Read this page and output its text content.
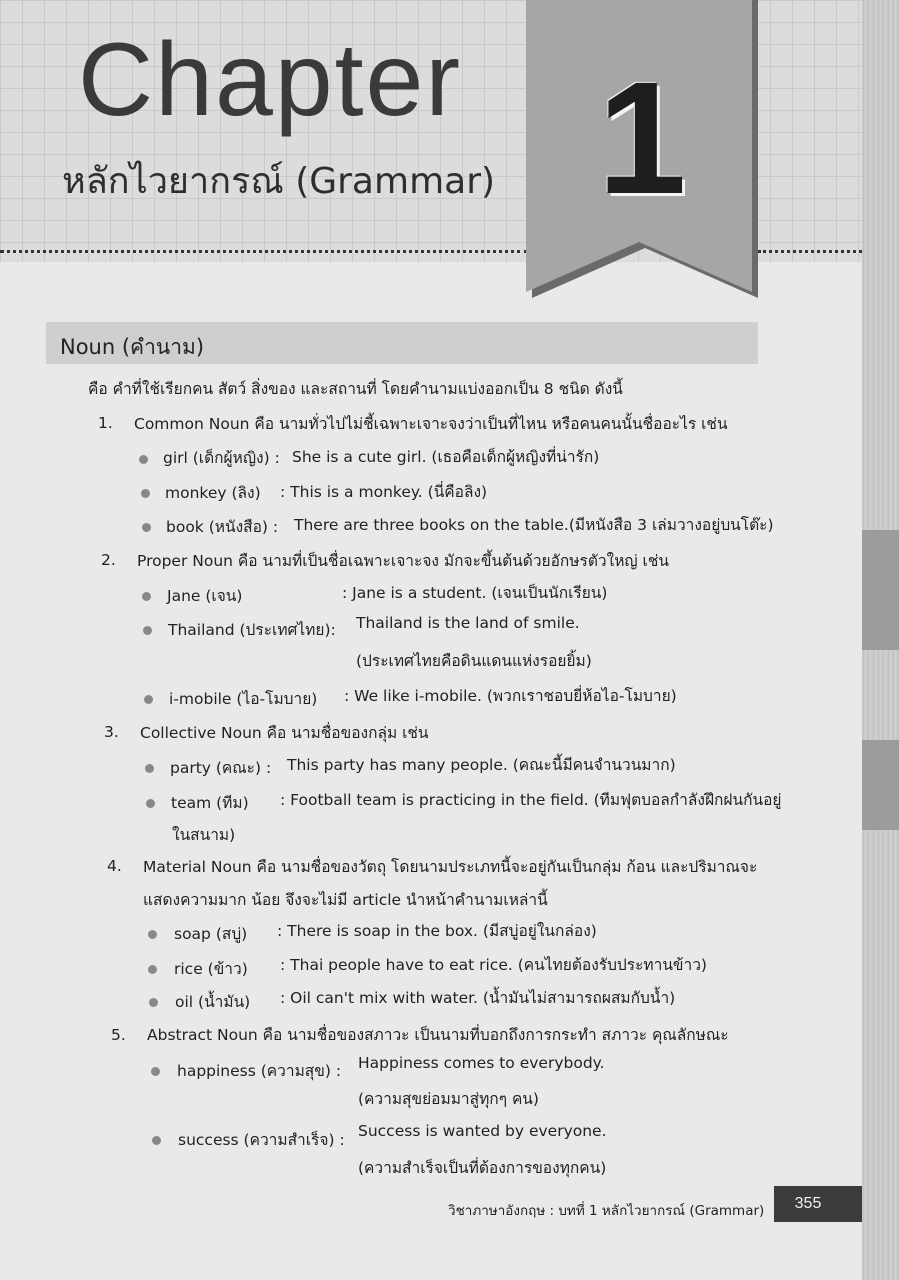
Chapter
หลักไวยากรณ์ (Grammar) 1
Noun (คำนาม)
คือ คำที่ใช้เรียกคน สัตว์ สิ่งของ และสถานที่ โดยคำนามแบ่งออกเป็น 8 ชนิด ดังนี้
1. Common Noun คือ นามทั่วไปไม่ชี้เฉพาะเจาะจงว่าเป็นที่ไหน หรือคนคนนั้นชื่ออะไร เช่น
girl (เด็กผู้หญิง) : She is a cute girl. (เธอคือเด็กผู้หญิงที่น่ารัก)
monkey (ลิง) : This is a monkey. (นี่คือลิง)
book (หนังสือ) : There are three books on the table.(มีหนังสือ 3 เล่มวางอยู่บนโต๊ะ)
2. Proper Noun คือ นามที่เป็นชื่อเฉพาะเจาะจง มักจะขึ้นต้นด้วยอักษรตัวใหญ่ เช่น
Jane (เจน)	: Jane is a student. (เจนเป็นนักเรียน)
Thailand (ประเทศไทย): Thailand is the land of smile.
(ประเทศไทยคือดินแดนแห่งรอยยิ้ม)
i-mobile (ไอ-โมบาย) : We like i-mobile. (พวกเราชอบยี่ห้อไอ-โมบาย)
3. Collective Noun คือ นามชื่อของกลุ่ม เช่น
party (คณะ) : This party has many people. (คณะนี้มีคนจำนวนมาก)
team (ทีม) : Football team is practicing in the field. (ทีมฟุตบอลกำลังฝึกฝนกันอยู่
ในสนาม)
4. Material Noun คือ นามชื่อของวัตถุ โดยนามประเภทนี้จะอยู่กันเป็นกลุ่ม ก้อน และปริมาณจะ
แสดงความมาก น้อย จึงจะไม่มี article นำหน้าคำนามเหล่านี้
soap (สบู่) : There is soap in the box. (มีสบู่อยู่ในกล่อง)
rice (ข้าว) : Thai people have to eat rice. (คนไทยต้องรับประทานข้าว)
oil (น้ำมัน) : Oil can't mix with water. (น้ำมันไม่สามารถผสมกับน้ำ)
5. Abstract Noun คือ นามชื่อของสภาวะ เป็นนามที่บอกถึงการกระทำ สภาวะ คุณลักษณะ
happiness (ความสุข) : Happiness comes to everybody.
(ความสุขย่อมมาสู่ทุกๆ คน)
success (ความสำเร็จ) : Success is wanted by everyone.
(ความสำเร็จเป็นที่ต้องการของทุกคน)
วิชาภาษาอังกฤษ : บทที่ 1 หลักไวยากรณ์ (Grammar)	355
